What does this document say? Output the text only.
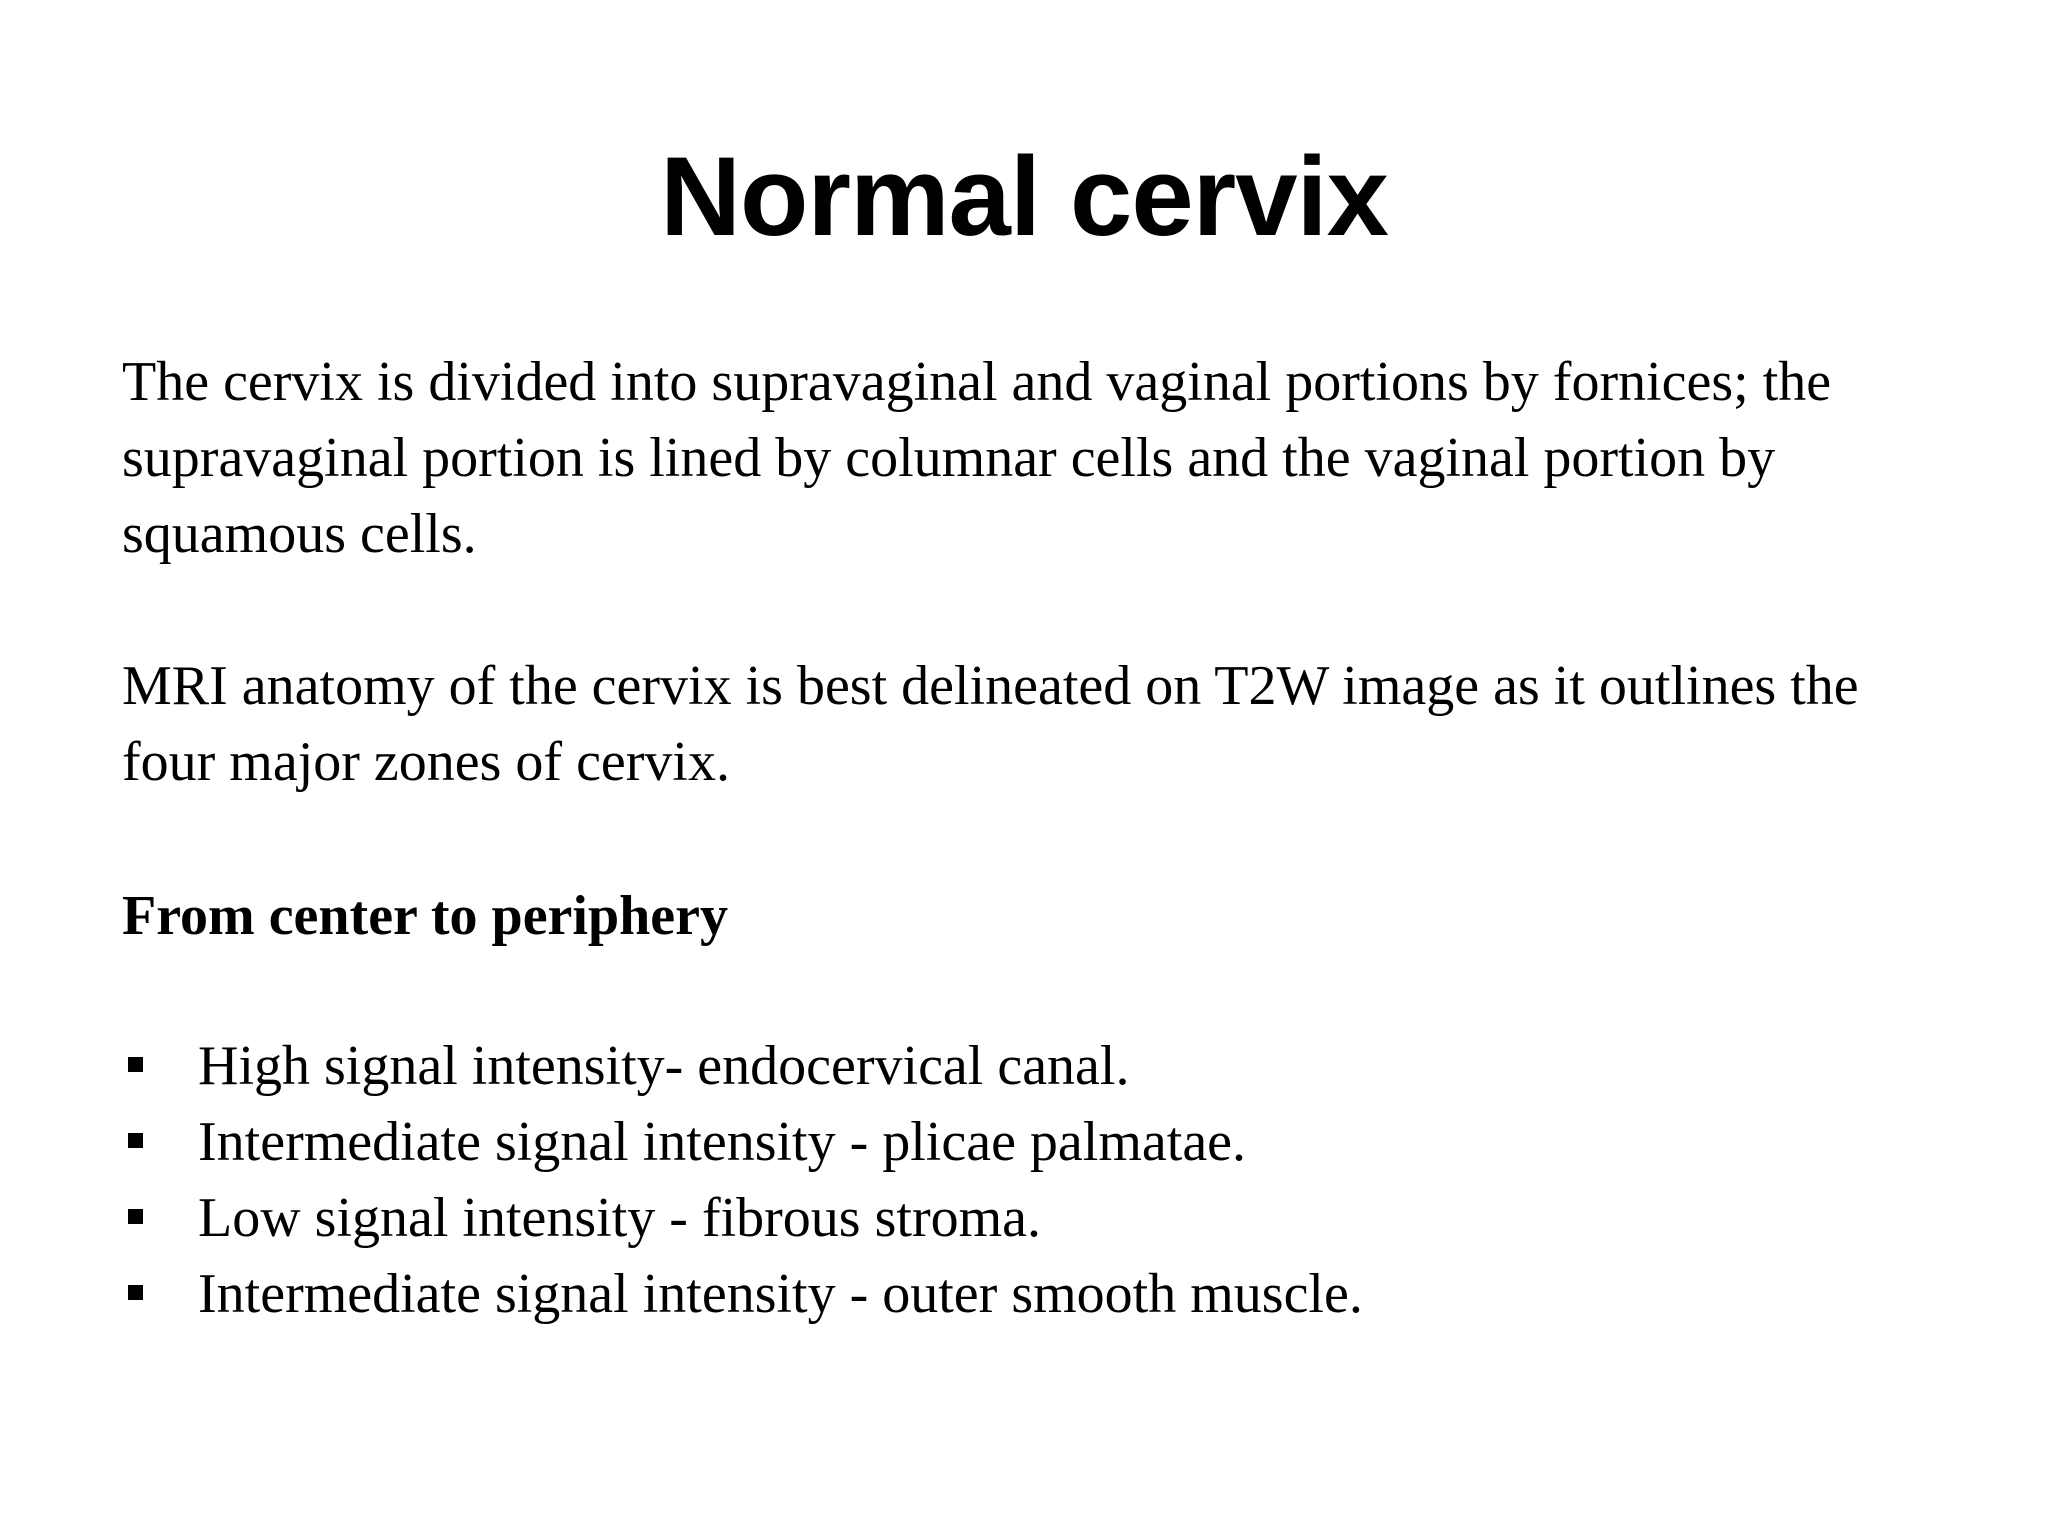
Normal cervix

The cervix is divided into supravaginal and vaginal portions by fornices; the supravaginal portion is lined by columnar cells and the vaginal portion by squamous cells.

MRI anatomy of the cervix is best delineated on T2W image as it outlines the four major zones of cervix.

From center to periphery

High signal intensity- endocervical canal.
Intermediate signal intensity - plicae palmatae.
Low signal intensity - fibrous stroma.
Intermediate signal intensity - outer smooth muscle.
